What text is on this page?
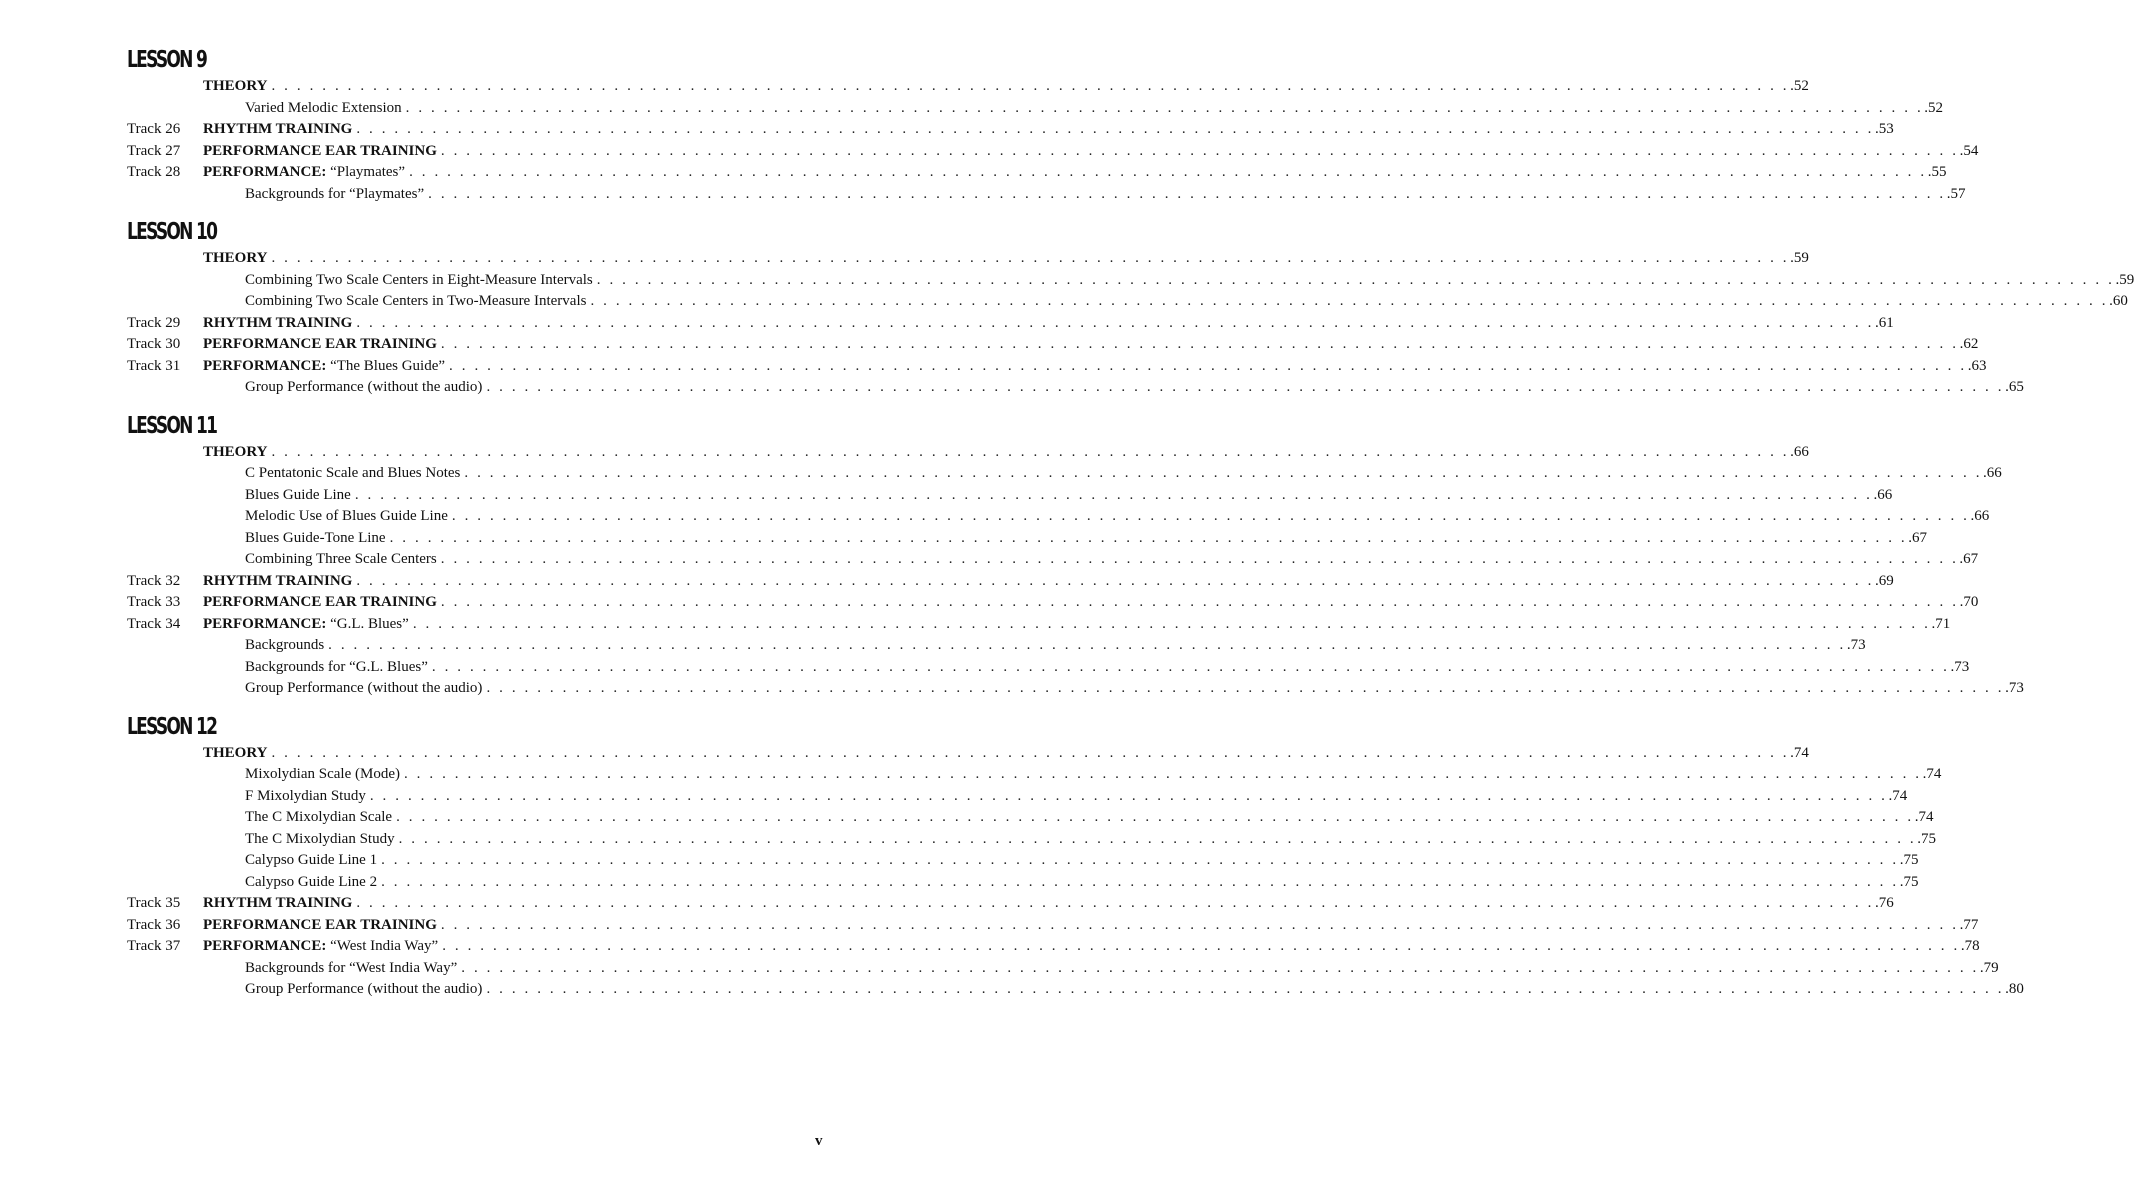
LESSON 9
THEORY . . . . . . . . . . . . . . . . . . . . . . . . . . . . . . . . . . . . . . . . . . . . . . . . . . . . . . . . . . . . . . . . . . . . . . . . . . . . . . . . . . . . . . . . . . . . . . . . . . . . . . . . . . . . . . . . . . . . . . . . .52
Varied Melodic Extension . . . . . . . . . . . . . . . . . . . . . . . . . . . . . . . . . . . . . . . . . . . . . . . . . . . . . . . . . . . . . . . . . . . . . . . . . . . . . . . . . . . . . . . . . . . . . . . . . . . . . . . . . . . . . . . . . . . . . . . . .52
Track 26 RHYTHM TRAINING . . . . . . . . . . . . . . . . . . . . . . . . . . . . . . . . . . . . . . . . . . . . . . . . . . . . . . . . . . . . . . . . . . . . . . . . . . . . . . . . . . . . . . . . . . . . . . . . . . . . . . . . . . . . . . . . . . . . . . . . .53
Track 27 PERFORMANCE EAR TRAINING . . . . . . . . . . . . . . . . . . . . . . . . . . . . . . . . . . . . . . . . . . . . . . . . . . . . . . . . . . . . . . . . . . . . . . . . . . . . . . . . . . . . . . . . . . . . . . . . . . . . . . . . . . . . . . . . . . . . . . . . .54
Track 28 PERFORMANCE: “Playmates” . . . . . . . . . . . . . . . . . . . . . . . . . . . . . . . . . . . . . . . . . . . . . . . . . . . . . . . . . . . . . . . . . . . . . . . . . . . . . . . . . . . . . . . . . . . . . . . . . . . . . . . . . . . . . . . . . . . . . . . . .55
Backgrounds for “Playmates” . . . . . . . . . . . . . . . . . . . . . . . . . . . . . . . . . . . . . . . . . . . . . . . . . . . . . . . . . . . . . . . . . . . . . . . . . . . . . . . . . . . . . . . . . . . . . . . . . . . . . . . . . . . . . . . . . . . . . . . . .57
LESSON 10
THEORY . . . . . . . . . . . . . . . . . . . . . . . . . . . . . . . . . . . . . . . . . . . . . . . . . . . . . . . . . . . . . . . . . . . . . . . . . . . . . . . . . . . . . . . . . . . . . . . . . . . . . . . . . . . . . . . . . . . . . . . . .59
Combining Two Scale Centers in Eight-Measure Intervals . . . . . . . . . . . . . . . . . . . . . . . . . . . . . . . . . . . . . . . . . . . . . . . . . . . . . . . . . . . . . . . . . . . . . . . . . . . . . . . . . . . . . . . . . . . . . . . . . . . . . . . . . . . . . . . . . . . . . . . . .59
Combining Two Scale Centers in Two-Measure Intervals . . . . . . . . . . . . . . . . . . . . . . . . . . . . . . . . . . . . . . . . . . . . . . . . . . . . . . . . . . . . . . . . . . . . . . . . . . . . . . . . . . . . . . . . . . . . . . . . . . . . . . . . . . . . . . . . . . . . . . . . .60
Track 29 RHYTHM TRAINING . . . . . . . . . . . . . . . . . . . . . . . . . . . . . . . . . . . . . . . . . . . . . . . . . . . . . . . . . . . . . . . . . . . . . . . . . . . . . . . . . . . . . . . . . . . . . . . . . . . . . . . . . . . . . . . . . . . . . . . . .61
Track 30 PERFORMANCE EAR TRAINING . . . . . . . . . . . . . . . . . . . . . . . . . . . . . . . . . . . . . . . . . . . . . . . . . . . . . . . . . . . . . . . . . . . . . . . . . . . . . . . . . . . . . . . . . . . . . . . . . . . . . . . . . . . . . . . . . . . . . . . . .62
Track 31 PERFORMANCE: “The Blues Guide” . . . . . . . . . . . . . . . . . . . . . . . . . . . . . . . . . . . . . . . . . . . . . . . . . . . . . . . . . . . . . . . . . . . . . . . . . . . . . . . . . . . . . . . . . . . . . . . . . . . . . . . . . . . . . . . . . . . . . . . . .63
Group Performance (without the audio) . . . . . . . . . . . . . . . . . . . . . . . . . . . . . . . . . . . . . . . . . . . . . . . . . . . . . . . . . . . . . . . . . . . . . . . . . . . . . . . . . . . . . . . . . . . . . . . . . . . . . . . . . . . . . . . . . . . . . . . . .65
LESSON 11
THEORY . . . . . . . . . . . . . . . . . . . . . . . . . . . . . . . . . . . . . . . . . . . . . . . . . . . . . . . . . . . . . . . . . . . . . . . . . . . . . . . . . . . . . . . . . . . . . . . . . . . . . . . . . . . . . . . . . . . . . . . . .66
C Pentatonic Scale and Blues Notes . . . . . . . . . . . . . . . . . . . . . . . . . . . . . . . . . . . . . . . . . . . . . . . . . . . . . . . . . . . . . . . . . . . . . . . . . . . . . . . . . . . . . . . . . . . . . . . . . . . . . . . . . . . . . . . . . . . . . . . . .66
Blues Guide Line . . . . . . . . . . . . . . . . . . . . . . . . . . . . . . . . . . . . . . . . . . . . . . . . . . . . . . . . . . . . . . . . . . . . . . . . . . . . . . . . . . . . . . . . . . . . . . . . . . . . . . . . . . . . . . . . . . . . . . . . .66
Melodic Use of Blues Guide Line . . . . . . . . . . . . . . . . . . . . . . . . . . . . . . . . . . . . . . . . . . . . . . . . . . . . . . . . . . . . . . . . . . . . . . . . . . . . . . . . . . . . . . . . . . . . . . . . . . . . . . . . . . . . . . . . . . . . . . . . .66
Blues Guide-Tone Line . . . . . . . . . . . . . . . . . . . . . . . . . . . . . . . . . . . . . . . . . . . . . . . . . . . . . . . . . . . . . . . . . . . . . . . . . . . . . . . . . . . . . . . . . . . . . . . . . . . . . . . . . . . . . . . . . . . . . . . . .67
Combining Three Scale Centers . . . . . . . . . . . . . . . . . . . . . . . . . . . . . . . . . . . . . . . . . . . . . . . . . . . . . . . . . . . . . . . . . . . . . . . . . . . . . . . . . . . . . . . . . . . . . . . . . . . . . . . . . . . . . . . . . . . . . . . . .67
Track 32 RHYTHM TRAINING . . . . . . . . . . . . . . . . . . . . . . . . . . . . . . . . . . . . . . . . . . . . . . . . . . . . . . . . . . . . . . . . . . . . . . . . . . . . . . . . . . . . . . . . . . . . . . . . . . . . . . . . . . . . . . . . . . . . . . . . .69
Track 33 PERFORMANCE EAR TRAINING . . . . . . . . . . . . . . . . . . . . . . . . . . . . . . . . . . . . . . . . . . . . . . . . . . . . . . . . . . . . . . . . . . . . . . . . . . . . . . . . . . . . . . . . . . . . . . . . . . . . . . . . . . . . . . . . . . . . . . . . .70
Track 34 PERFORMANCE: “G.L. Blues” . . . . . . . . . . . . . . . . . . . . . . . . . . . . . . . . . . . . . . . . . . . . . . . . . . . . . . . . . . . . . . . . . . . . . . . . . . . . . . . . . . . . . . . . . . . . . . . . . . . . . . . . . . . . . . . . . . . . . . . . .71
Backgrounds . . . . . . . . . . . . . . . . . . . . . . . . . . . . . . . . . . . . . . . . . . . . . . . . . . . . . . . . . . . . . . . . . . . . . . . . . . . . . . . . . . . . . . . . . . . . . . . . . . . . . . . . . . . . . . . . . . . . . . . . .73
Backgrounds for “G.L. Blues” . . . . . . . . . . . . . . . . . . . . . . . . . . . . . . . . . . . . . . . . . . . . . . . . . . . . . . . . . . . . . . . . . . . . . . . . . . . . . . . . . . . . . . . . . . . . . . . . . . . . . . . . . . . . . . . . . . . . . . . . .73
Group Performance (without the audio) . . . . . . . . . . . . . . . . . . . . . . . . . . . . . . . . . . . . . . . . . . . . . . . . . . . . . . . . . . . . . . . . . . . . . . . . . . . . . . . . . . . . . . . . . . . . . . . . . . . . . . . . . . . . . . . . . . . . . . . . .73
LESSON 12
THEORY . . . . . . . . . . . . . . . . . . . . . . . . . . . . . . . . . . . . . . . . . . . . . . . . . . . . . . . . . . . . . . . . . . . . . . . . . . . . . . . . . . . . . . . . . . . . . . . . . . . . . . . . . . . . . . . . . . . . . . . . .74
Mixolydian Scale (Mode) . . . . . . . . . . . . . . . . . . . . . . . . . . . . . . . . . . . . . . . . . . . . . . . . . . . . . . . . . . . . . . . . . . . . . . . . . . . . . . . . . . . . . . . . . . . . . . . . . . . . . . . . . . . . . . . . . . . . . . . . .74
F Mixolydian Study . . . . . . . . . . . . . . . . . . . . . . . . . . . . . . . . . . . . . . . . . . . . . . . . . . . . . . . . . . . . . . . . . . . . . . . . . . . . . . . . . . . . . . . . . . . . . . . . . . . . . . . . . . . . . . . . . . . . . . . . .74
The C Mixolydian Scale . . . . . . . . . . . . . . . . . . . . . . . . . . . . . . . . . . . . . . . . . . . . . . . . . . . . . . . . . . . . . . . . . . . . . . . . . . . . . . . . . . . . . . . . . . . . . . . . . . . . . . . . . . . . . . . . . . . . . . . . .74
The C Mixolydian Study . . . . . . . . . . . . . . . . . . . . . . . . . . . . . . . . . . . . . . . . . . . . . . . . . . . . . . . . . . . . . . . . . . . . . . . . . . . . . . . . . . . . . . . . . . . . . . . . . . . . . . . . . . . . . . . . . . . . . . . . .75
Calypso Guide Line 1 . . . . . . . . . . . . . . . . . . . . . . . . . . . . . . . . . . . . . . . . . . . . . . . . . . . . . . . . . . . . . . . . . . . . . . . . . . . . . . . . . . . . . . . . . . . . . . . . . . . . . . . . . . . . . . . . . . . . . . . . .75
Calypso Guide Line 2 . . . . . . . . . . . . . . . . . . . . . . . . . . . . . . . . . . . . . . . . . . . . . . . . . . . . . . . . . . . . . . . . . . . . . . . . . . . . . . . . . . . . . . . . . . . . . . . . . . . . . . . . . . . . . . . . . . . . . . . . .75
Track 35 RHYTHM TRAINING . . . . . . . . . . . . . . . . . . . . . . . . . . . . . . . . . . . . . . . . . . . . . . . . . . . . . . . . . . . . . . . . . . . . . . . . . . . . . . . . . . . . . . . . . . . . . . . . . . . . . . . . . . . . . . . . . . . . . . . . .76
Track 36 PERFORMANCE EAR TRAINING . . . . . . . . . . . . . . . . . . . . . . . . . . . . . . . . . . . . . . . . . . . . . . . . . . . . . . . . . . . . . . . . . . . . . . . . . . . . . . . . . . . . . . . . . . . . . . . . . . . . . . . . . . . . . . . . . . . . . . . . .77
Track 37 PERFORMANCE: “West India Way” . . . . . . . . . . . . . . . . . . . . . . . . . . . . . . . . . . . . . . . . . . . . . . . . . . . . . . . . . . . . . . . . . . . . . . . . . . . . . . . . . . . . . . . . . . . . . . . . . . . . . . . . . . . . . . . . . . . . . . . . .78
Backgrounds for “West India Way” . . . . . . . . . . . . . . . . . . . . . . . . . . . . . . . . . . . . . . . . . . . . . . . . . . . . . . . . . . . . . . . . . . . . . . . . . . . . . . . . . . . . . . . . . . . . . . . . . . . . . . . . . . . . . . . . . . . . . . . . .79
Group Performance (without the audio) . . . . . . . . . . . . . . . . . . . . . . . . . . . . . . . . . . . . . . . . . . . . . . . . . . . . . . . . . . . . . . . . . . . . . . . . . . . . . . . . . . . . . . . . . . . . . . . . . . . . . . . . . . . . . . . . . . . . . . . . .80
v
